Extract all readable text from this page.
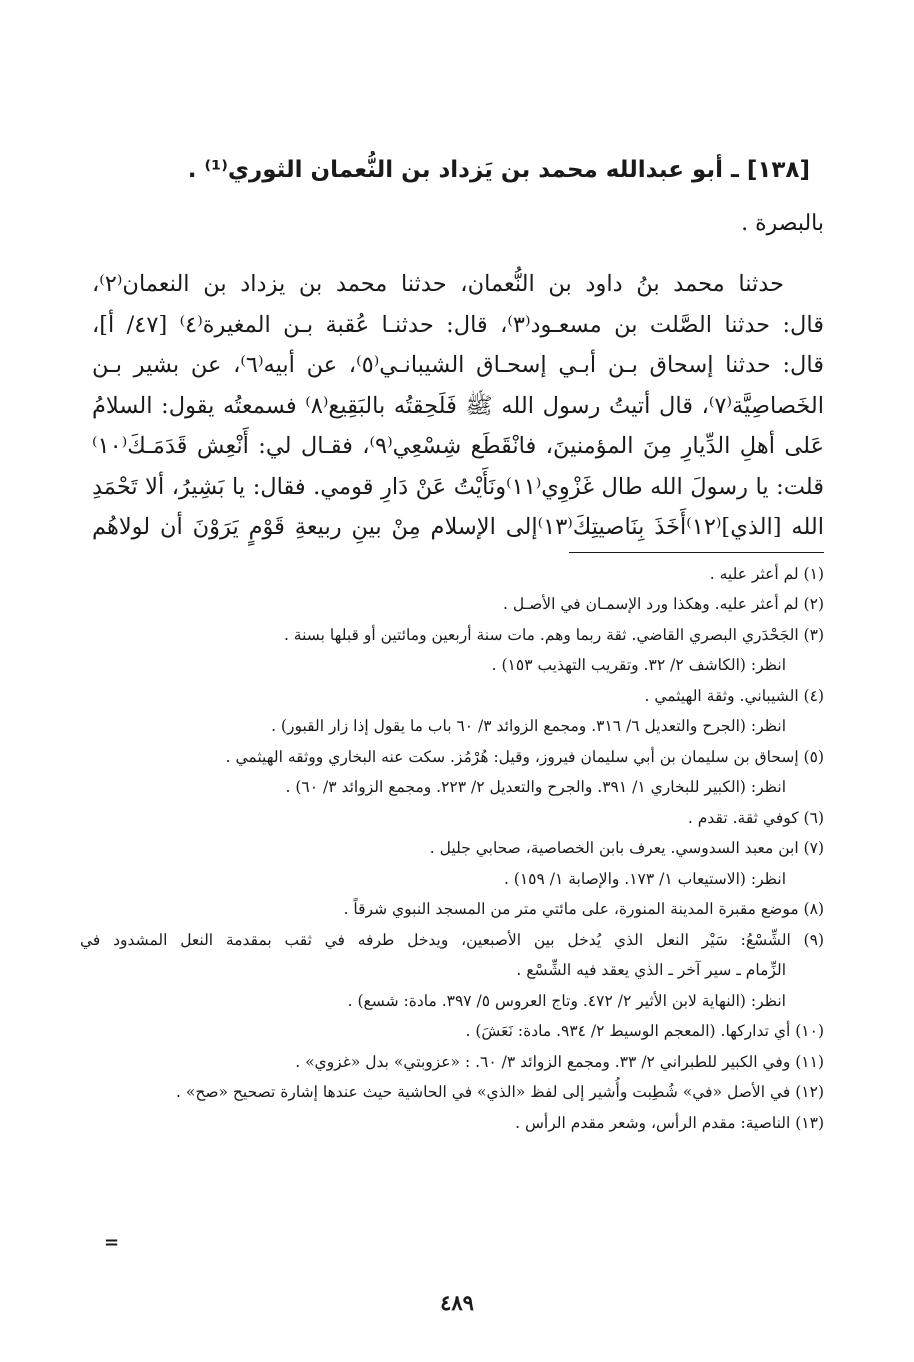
[١٣٨] ـ أبو عبدالله محمد بن يَزداد بن النُّعمان الثوري⁽¹⁾ .
بالبصرة .
حدثنا محمد بنُ داود بن النُّعمان، حدثنا محمد بن يزداد بن النعمان⁽٢⁾،
قال: حدثنا الصَّلت بن مسعـود⁽٣⁾، قال: حدثنـا عُقبة بـن المغيرة⁽٤⁾ [٤٧/ أ]،
قال: حدثنا إسحاق بـن أبـي إسحـاق الشيبانـي⁽٥⁾، عن أبيه⁽٦⁾، عن بشير بـن
الخَصاصِيَّة⁽٧⁾، قال أتيتُ رسول الله ﷺ فَلَحِقتُه بالبَقِيع⁽٨⁾ فسمعتُه يقول: السلامُ
عَلى أهلِ الدِّيارِ مِنَ المؤمنينَ، فانْقَطَع شِسْعِي⁽٩⁾، فقـال لي: أَنْعِش قَدَمَـكَ⁽١٠⁾
قلت: يا رسولَ الله طال غَزْوِي⁽١١⁾ونَأَيْتُ عَنْ دَارِ قومي. فقال: يا بَشِيرُ، ألا تَحْمَدِ
الله [الذي]⁽١٢⁾أَخَذَ بِنَاصيتِكَ⁽١٣⁾إلى الإسلام مِنْ بينِ ربيعةِ قَوْمٍ يَرَوْنَ أن لولاهُم
(١) لم أعثر عليه .
(٢) لم أعثر عليه. وهكذا ورد الإسمـان في الأصـل .
(٣) الجَحْدَري البصري القاضي. ثقة ربما وهم. مات سنة أربعين ومائتين أو قبلها بسنة .
انظر: (الكاشف ٢/ ٣٢. وتقريب التهذيب ١٥٣) .
(٤) الشيباني. وثقة الهيثمي .
انظر: (الجرح والتعديل ٦/ ٣١٦. ومجمع الزوائد ٣/ ٦٠ باب ما يقول إذا زار القبور) .
(٥) إسحاق بن سليمان بن أبي سليمان فيروز، وقيل: هُرْمُز. سكت عنه البخاري ووثقه الهيثمي .
انظر: (الكبير للبخاري ١/ ٣٩١. والجرح والتعديل ٢/ ٢٢٣. ومجمع الزوائد ٣/ ٦٠) .
(٦) كوفي ثقة. تقدم .
(٧) ابن معبد السدوسي. يعرف بابن الخصاصية، صحابي جليل .
انظر: (الاستيعاب ١/ ١٧٣. والإصابة ١/ ١٥٩) .
(٨) موضع مقبرة المدينة المنورة، على مائتي متر من المسجد النبوي شرقاً .
(٩) الشِّسْعُ: سَيْر النعل الذي يُدخل بين الأصبعين، ويدخل طرفه في ثقب بمقدمة النعل المشدود في
الزِّمام ـ سير آخر ـ الذي يعقد فيه الشِّسْع .
انظر: (النهاية لابن الأثير ٢/ ٤٧٢. وتاج العروس ٥/ ٣٩٧. مادة: شسع) .
(١٠) أي تداركها. (المعجم الوسيط ٢/ ٩٣٤. مادة: نَعَشَ) .
(١١) وفي الكبير للطبراني ٢/ ٣٣. ومجمع الزوائد ٣/ ٦٠. : «عزوبتي» بدل «غزوي» .
(١٢) في الأصل «في» شُطِبت وأُشير إلى لفظ «الذي» في الحاشية حيث عندها إشارة تصحيح «صح» .
(١٣) الناصية: مقدم الرأس، وشعر مقدم الرأس .
=
٤٨٩
